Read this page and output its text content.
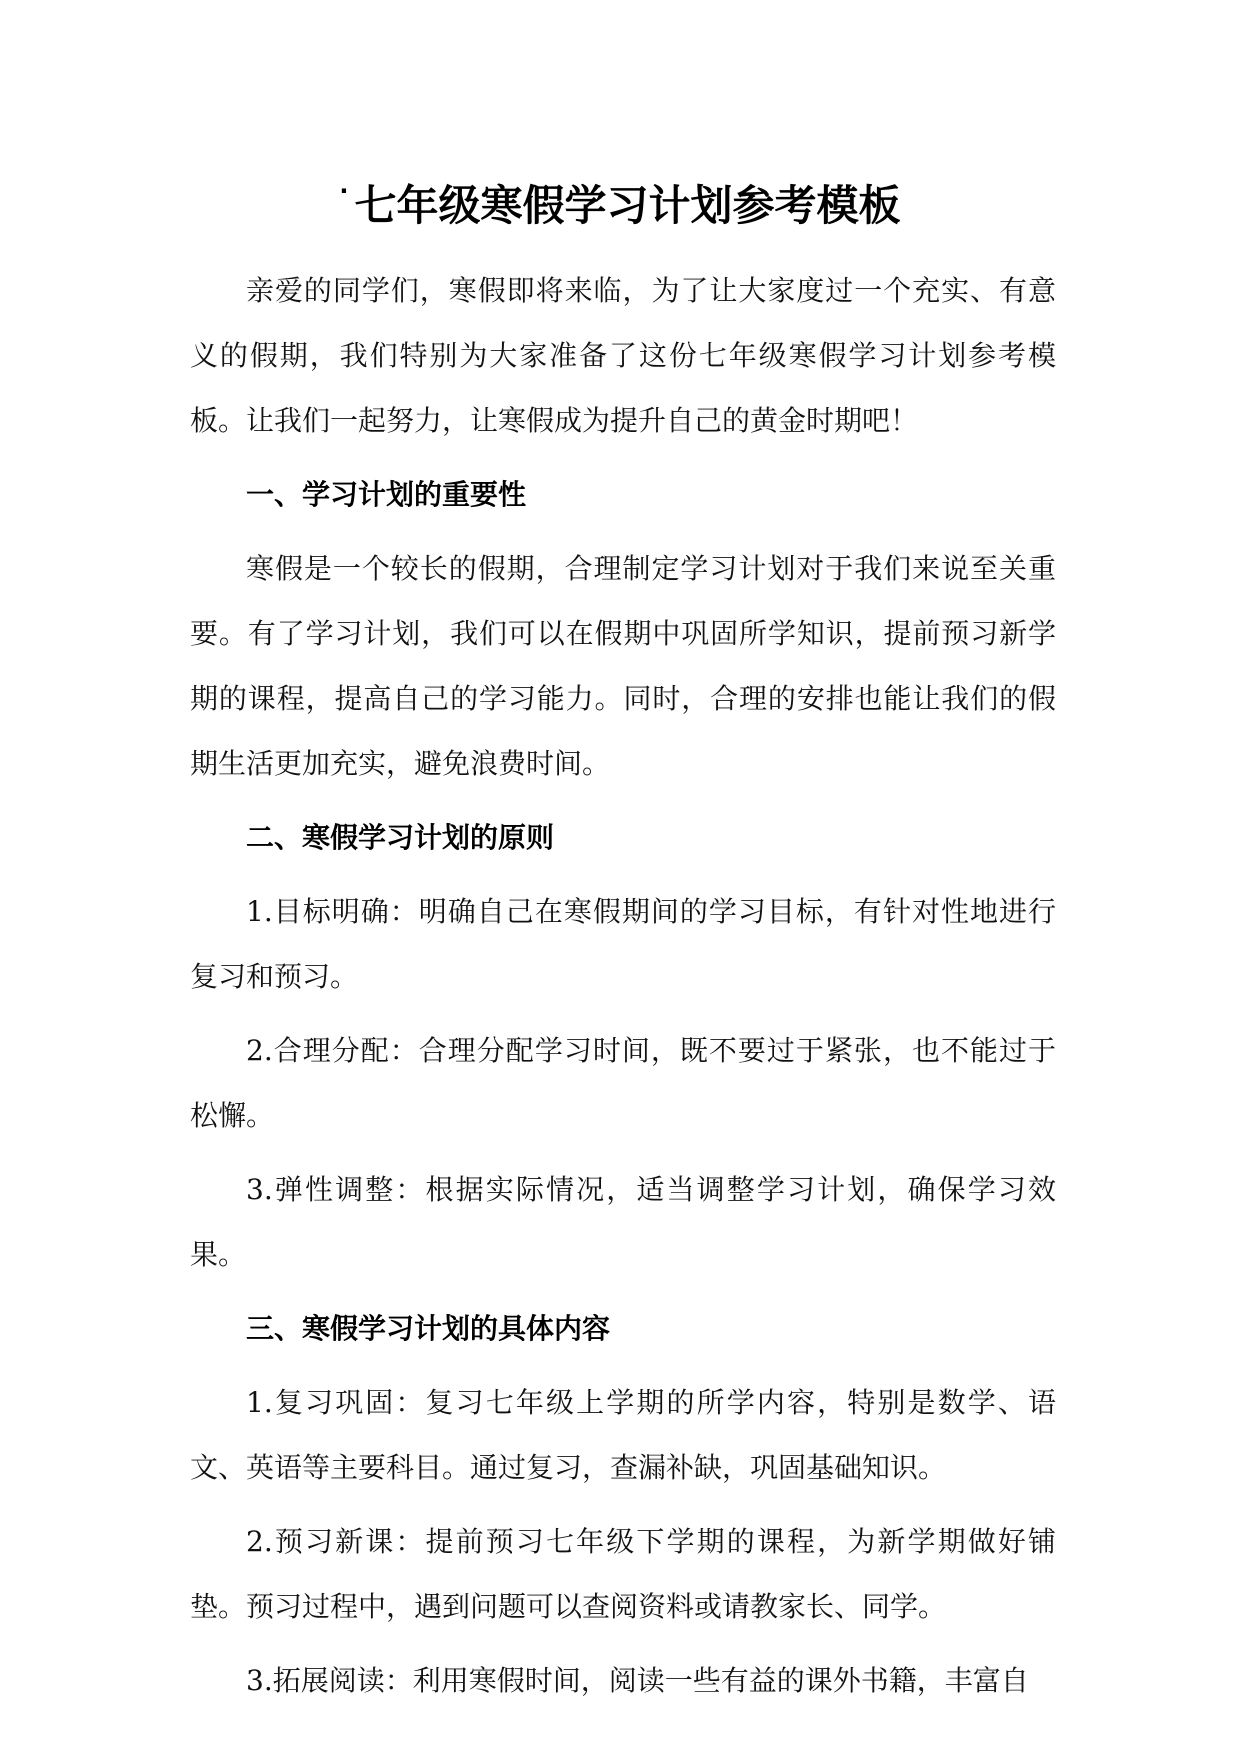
· 七年级寒假学习计划参考模板

亲爱的同学们，寒假即将来临，为了让大家度过一个充实、有意义的假期，我们特别为大家准备了这份七年级寒假学习计划参考模板。让我们一起努力，让寒假成为提升自己的黄金时期吧！

一、学习计划的重要性

寒假是一个较长的假期，合理制定学习计划对于我们来说至关重要。有了学习计划，我们可以在假期中巩固所学知识，提前预习新学期的课程，提高自己的学习能力。同时，合理的安排也能让我们的假期生活更加充实，避免浪费时间。

二、寒假学习计划的原则

1.目标明确：明确自己在寒假期间的学习目标，有针对性地进行复习和预习。

2.合理分配：合理分配学习时间，既不要过于紧张，也不能过于松懈。

3.弹性调整：根据实际情况，适当调整学习计划，确保学习效果。

三、寒假学习计划的具体内容

1.复习巩固：复习七年级上学期的所学内容，特别是数学、语文、英语等主要科目。通过复习，查漏补缺，巩固基础知识。

2.预习新课：提前预习七年级下学期的课程，为新学期做好铺垫。预习过程中，遇到问题可以查阅资料或请教家长、同学。

3.拓展阅读：利用寒假时间，阅读一些有益的课外书籍，丰富自
